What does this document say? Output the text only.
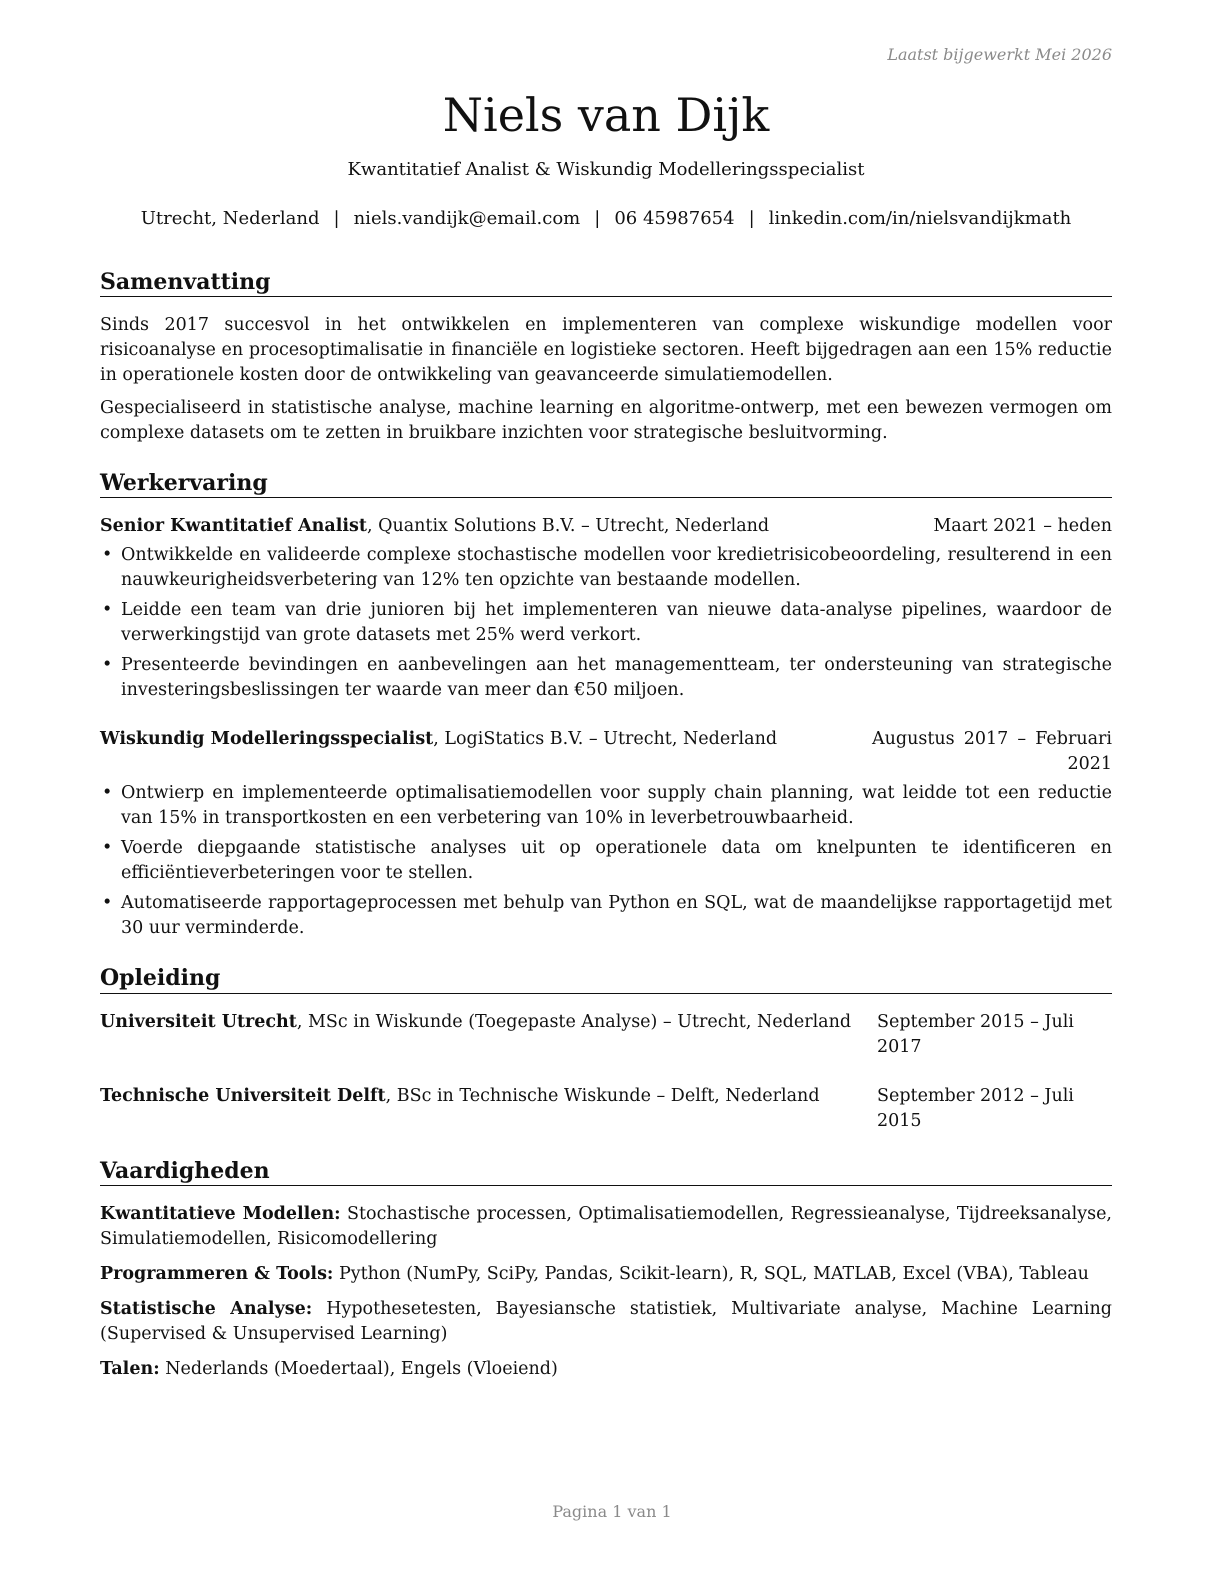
Laatst bijgewerkt Mei 2026
Niels van Dijk
Kwantitatief Analist & Wiskundig Modelleringsspecialist
Utrecht, Nederland | niels.vandijk@email.com | 06 45987654 | linkedin.com/in/nielsvandijkmath
Samenvatting

Sinds 2017 succesvol in het ontwikkelen en implementeren van complexe wiskundige modellen voor risicoanalyse en procesoptimalisatie in financiële en logistieke sectoren. Heeft bijgedragen aan een 15% reductie in operationele kosten door de ontwikkeling van geavanceerde simulatiemodellen.

Gespecialiseerd in statistische analyse, machine learning en algoritme-ontwerp, met een bewezen vermogen om complexe datasets om te zetten in bruikbare inzichten voor strategische besluitvorming.

Werkervaring
Senior Kwantitatief Analist, Quantix Solutions B.V. – Utrecht, Nederland	Maart 2021 – heden
• Ontwikkelde en valideerde complexe stochastische modellen voor kredietrisicobeoordeling, resulterend in een nauwkeurigheidsverbetering van 12% ten opzichte van bestaande modellen.
• Leidde een team van drie junioren bij het implementeren van nieuwe data-analyse pipelines, waardoor de verwerkingstijd van grote datasets met 25% werd verkort.
• Presenteerde bevindingen en aanbevelingen aan het managementteam, ter ondersteuning van strategische investeringsbeslissingen ter waarde van meer dan €50 miljoen.
Wiskundig Modelleringsspecialist, LogiStatics B.V. – Utrecht, Nederland	Augustus 2017 – Februari 2021
• Ontwierp en implementeerde optimalisatiemodellen voor supply chain planning, wat leidde tot een reductie van 15% in transportkosten en een verbetering van 10% in leverbetrouwbaarheid.
• Voerde diepgaande statistische analyses uit op operationele data om knelpunten te identificeren en efficiëntieverbeteringen voor te stellen.
• Automatiseerde rapportageprocessen met behulp van Python en SQL, wat de maandelijkse rapportagetijd met 30 uur verminderde.
Opleiding
Universiteit Utrecht, MSc in Wiskunde (Toegepaste Analyse) – Utrecht, Nederland September 2015 – Juli 2017
Technische Universiteit Delft, BSc in Technische Wiskunde – Delft, Nederland	September 2012 – Juli 2015
Vaardigheden

Kwantitatieve Modellen: Stochastische processen, Optimalisatiemodellen, Regressieanalyse, Tijdreeksanalyse, Simulatiemodellen, Risicomodellering

Programmeren & Tools: Python (NumPy, SciPy, Pandas, Scikit-learn), R, SQL, MATLAB, Excel (VBA), Tableau

Statistische Analyse: Hypothesetesten, Bayesiansche statistiek, Multivariate analyse, Machine Learning (Supervised & Unsupervised Learning)

Talen: Nederlands (Moedertaal), Engels (Vloeiend)

Pagina 1 van 1
